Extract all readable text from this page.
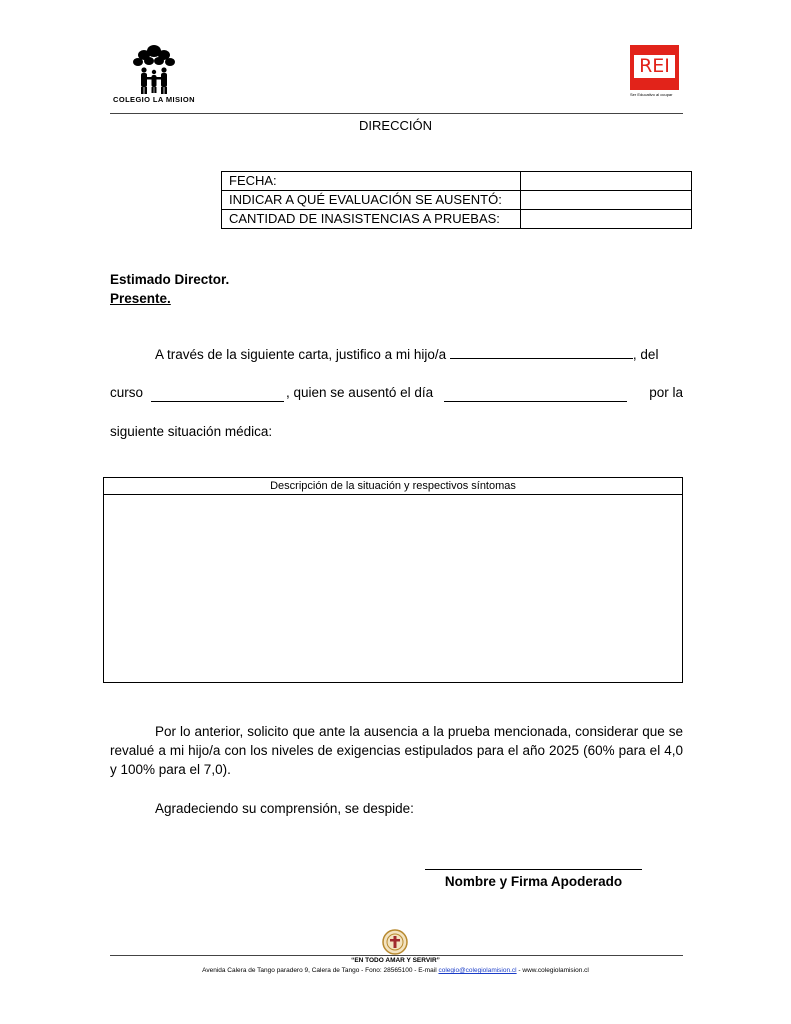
COLEGIO LA MISION
REI
Ser Educativo al ocupar
DIRECCIÓN
FECHA:	
INDICAR A QUÉ EVALUACIÓN SE AUSENTÓ:	
CANTIDAD DE INASISTENCIAS A PRUEBAS:	
Estimado Director.
Presente.
A través de la siguiente carta, justifico a mi hijo/a	, del
curso	, quien se ausentó el día	por la
siguiente situación médica:
Descripción de la situación y respectivos síntomas
Por lo anterior, solicito que ante la ausencia a la prueba mencionada, considerar que se revalué a mi hijo/a con los niveles de exigencias estipulados para el año 2025 (60% para el 4,0 y 100% para el 7,0).
Agradeciendo su comprensión, se despide:
Nombre y Firma Apoderado
“EN TODO AMAR Y SERVIR”
Avenida Calera de Tango paradero 9, Calera de Tango - Fono: 28565100 - E-mail colegio@colegiolamision.cl - www.colegiolamision.cl
